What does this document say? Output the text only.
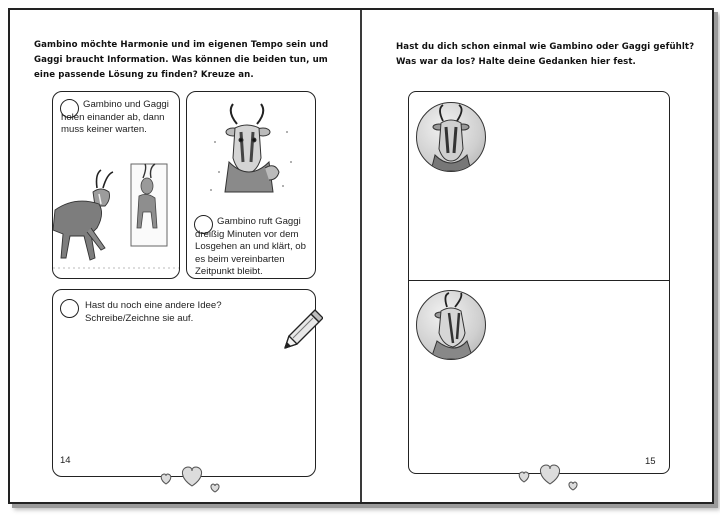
Gambino möchte Harmonie und im eigenen Tempo sein und Gaggi braucht Information. Was können die beiden tun, um eine passende Lösung zu finden? Kreuze an.
Gambino und Gaggi holen einander ab, dann muss keiner warten.
Gambino ruft Gaggi dreißig Minuten vor dem Losgehen an und klärt, ob es beim vereinbarten Zeitpunkt bleibt.
Hast du noch eine andere Idee?
Schreibe/Zeichne sie auf.
14
Hast du dich schon einmal wie Gambino oder Gaggi gefühlt? Was war da los? Halte deine Gedanken hier fest.
15
